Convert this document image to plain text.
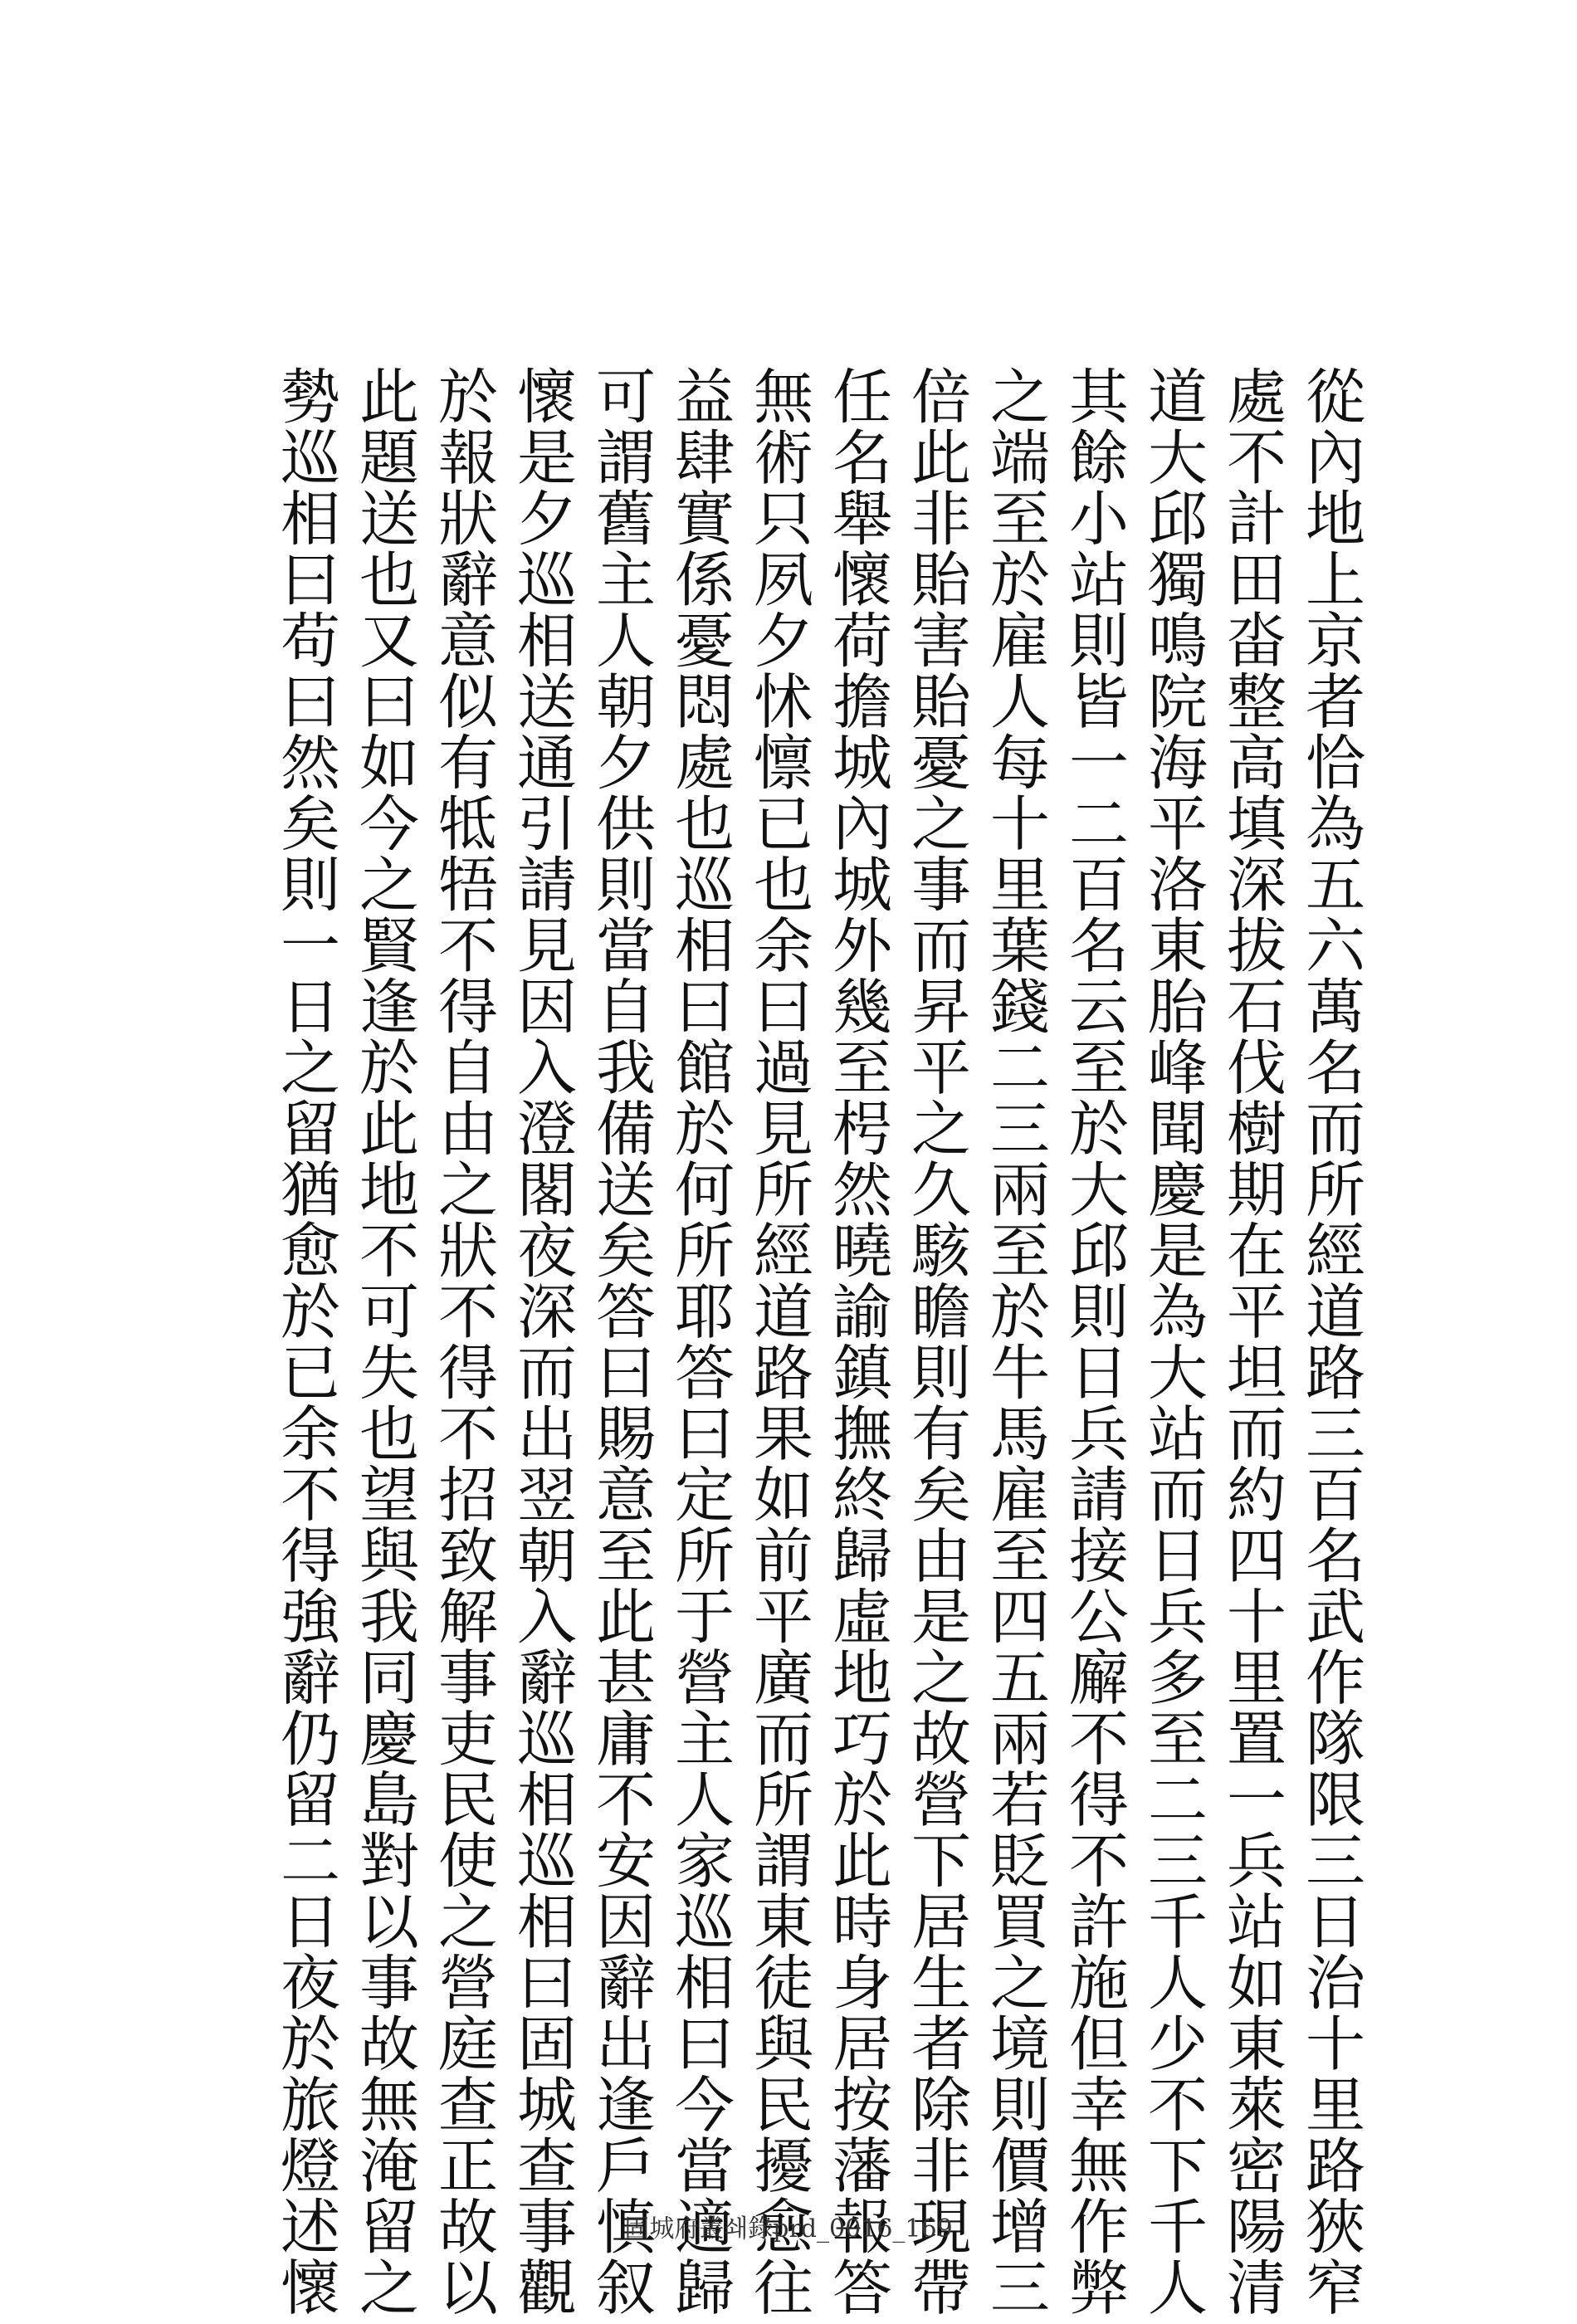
從內地上京者恰為五六萬名而所經道路三百名武作隊限三日治十里路狹窄
處不計田畓整高填深拔石伐樹期在平坦而約四十里置一兵站如東萊密陽清
道大邱獨鳴院海平洛東胎峰聞慶是為大站而日兵多至二三千人少不下千人
其餘小站則皆一二百名云至於大邱則日兵請接公廨不得不許施但幸無作弊
之端至於雇人每十里葉錢二三兩至於牛馬雇至四五兩若貶買之境則價增三
倍此非貽害貽憂之事而昇平之久駭瞻則有矣由是之故營下居生者除非現帶
任名舉懷荷擔城內城外幾至枵然曉諭鎮撫終歸虛地巧於此時身居按藩報答
無術只夙夕怵懔已也余曰過見所經道路果如前平廣而所謂東徒與民擾愈往
益肆實係憂悶處也巡相曰館於何所耶答曰定所于營主人家巡相曰今當適歸
可謂舊主人朝夕供則當自我備送矣答曰賜意至此甚庸不安因辭出逢戶慎叙
懷是夕巡相送通引請見因入澄閣夜深而出翌朝入辭巡相巡相曰固城查事觀
於報狀辭意似有牴牾不得自由之狀不得不招致解事吏民使之營庭查正故以
此題送也又曰如今之賢逢於此地不可失也望與我同慶島對以事故無淹留之
勢巡相曰苟曰然矣則一日之留猶愈於已余不得強辭仍留二日夜於旅燈述懷	固城府叢쇄錄prd_0016_169
